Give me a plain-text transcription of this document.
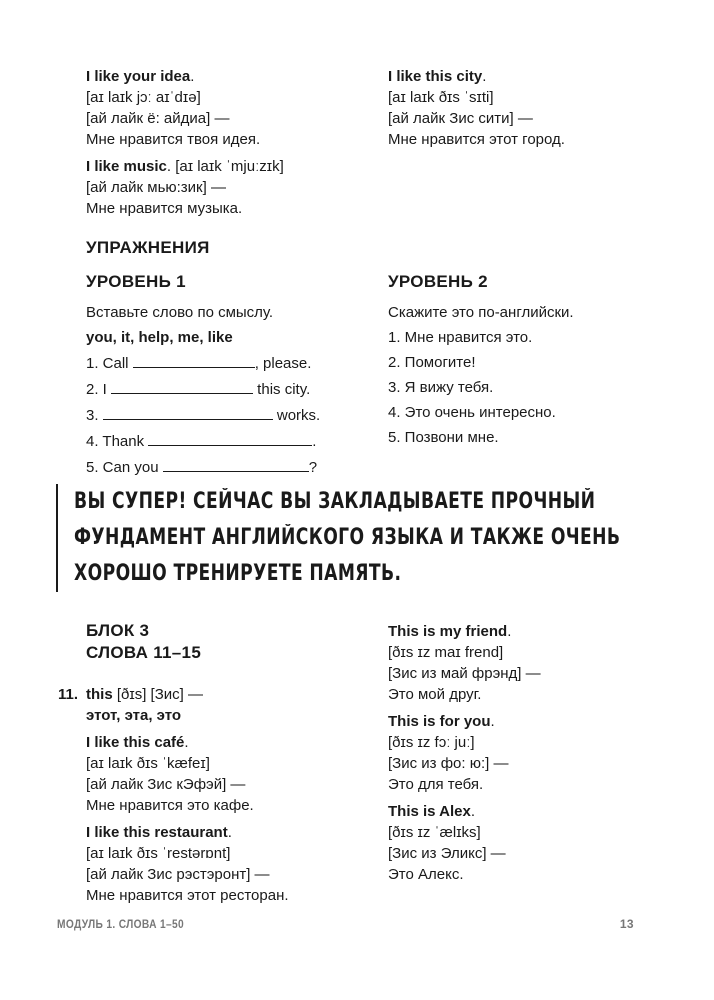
I like your idea.
[aɪ laɪk jɔː aɪˈdɪə]
[ай лайк ё: айдиа] —
Мне нравится твоя идея.
I like music. [aɪ laɪk ˈmjuːzɪk]
[ай лайк мью:зик] —
Мне нравится музыка.
I like this city.
[aɪ laɪk ðɪs ˈsɪti]
[ай лайк Зис сити] —
Мне нравится этот город.
УПРАЖНЕНИЯ
УРОВЕНЬ 1
Вставьте слово по смыслу.
you, it, help, me, like
1. Call	, please.
2. I	this city.
3.	works.
4. Thank	.
5. Can you	?
УРОВЕНЬ 2
Скажите это по-английски.
1. Мне нравится это.
2. Помогите!
3. Я вижу тебя.
4. Это очень интересно.
5. Позвони мне.
ВЫ СУПЕР! СЕЙЧАС ВЫ ЗАКЛАДЫВАЕТЕ ПРОЧНЫЙ
ФУНДАМЕНТ АНГЛИЙСКОГО ЯЗЫКА И ТАКЖЕ ОЧЕНЬ
ХОРОШО ТРЕНИРУЕТЕ ПАМЯТЬ.
БЛОК 3
СЛОВА 11–15
11. this [ðɪs] [Зис] —
этот, эта, это
I like this café.
[aɪ laɪk ðɪs ˈkæfeɪ]
[ай лайк Зис кЭфэй] —
Мне нравится это кафе.
I like this restaurant.
[aɪ laɪk ðɪs ˈrestərɒnt]
[ай лайк Зис рэстэронт] —
Мне нравится этот ресторан.
This is my friend.
[ðɪs ɪz maɪ frend]
[Зис из май фрэнд] —
Это мой друг.
This is for you.
[ðɪs ɪz fɔː juː]
[Зис из фо: ю:] —
Это для тебя.
This is Alex.
[ðɪs ɪz ˈælɪks]
[Зис из Эликс] —
Это Алекс.
МОДУЛЬ 1. СЛОВА 1–50	13
